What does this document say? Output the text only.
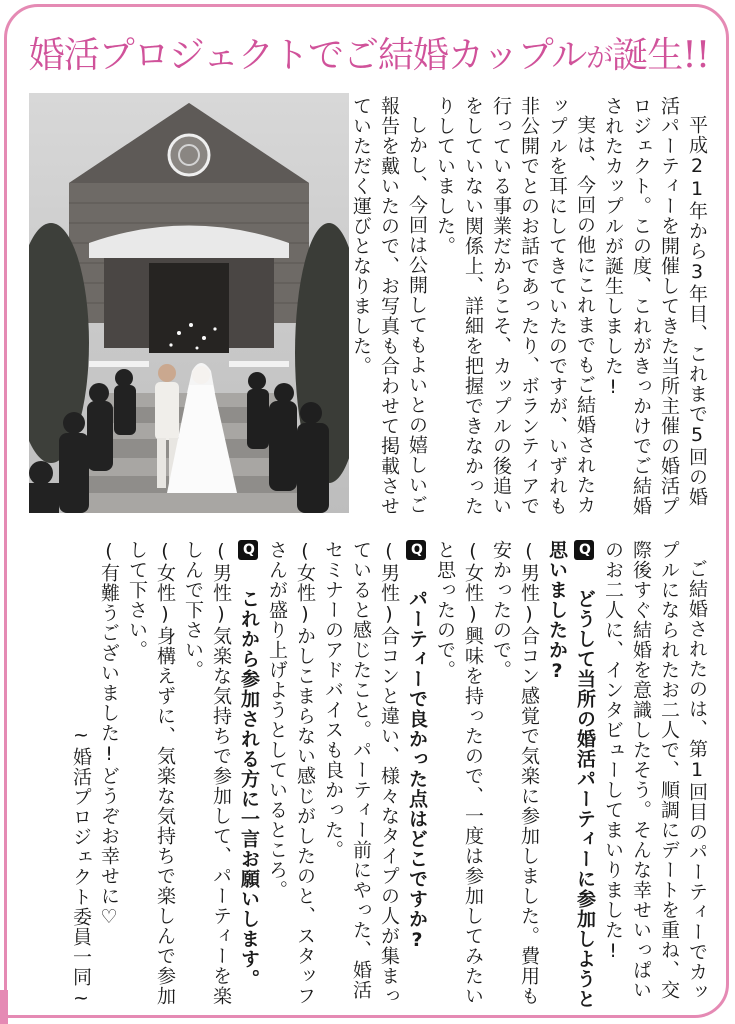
婚活プロジェクトでご結婚カップルが誕生!!

平成21年から3年目、これまで5回の婚活パーティーを開催してきた当所主催の婚活プロジェクト。この度、これがきっかけでご結婚されたカップルが誕生しました!

実は、今回の他にこれまでもご結婚されたカップルを耳にしてきていたのですが、いずれも非公開でとのお話であったり、ボランティアで行っている事業だからこそ、カップルの後追いをしていない関係上、詳細を把握できなかったりしていました。

しかし、今回は公開してもよいとの嬉しいご報告を戴いたので、お写真も合わせて掲載させていただく運びとなりました。

ご結婚されたのは、第1回目のパーティーでカップルになられたお二人で、順調にデートを重ね、交際後すぐ結婚を意識したそう。そんな幸せいっぱいのお二人に、インタビューしてまいりました!

Q どうして当所の婚活パーティーに参加しようと思いましたか?

(男性)合コン感覚で気楽に参加しました。費用も安かったので。

(女性)興味を持ったので、一度は参加してみたいと思ったので。

Q パーティーで良かった点はどこですか?

(男性)合コンと違い、様々なタイプの人が集まっていると感じたこと。パーティー前にやった、婚活セミナーのアドバイスも良かった。

(女性)かしこまらない感じがしたのと、スタッフさんが盛り上げようとしているところ。

Q これから参加される方に一言お願いします。

(男性)気楽な気持ちで参加して、パーティーを楽しんで下さい。

(女性)身構えずに、気楽な気持ちで楽しんで参加して下さい。

(有難うございました!どうぞお幸せに♡

~婚活プロジェクト委員一同~
